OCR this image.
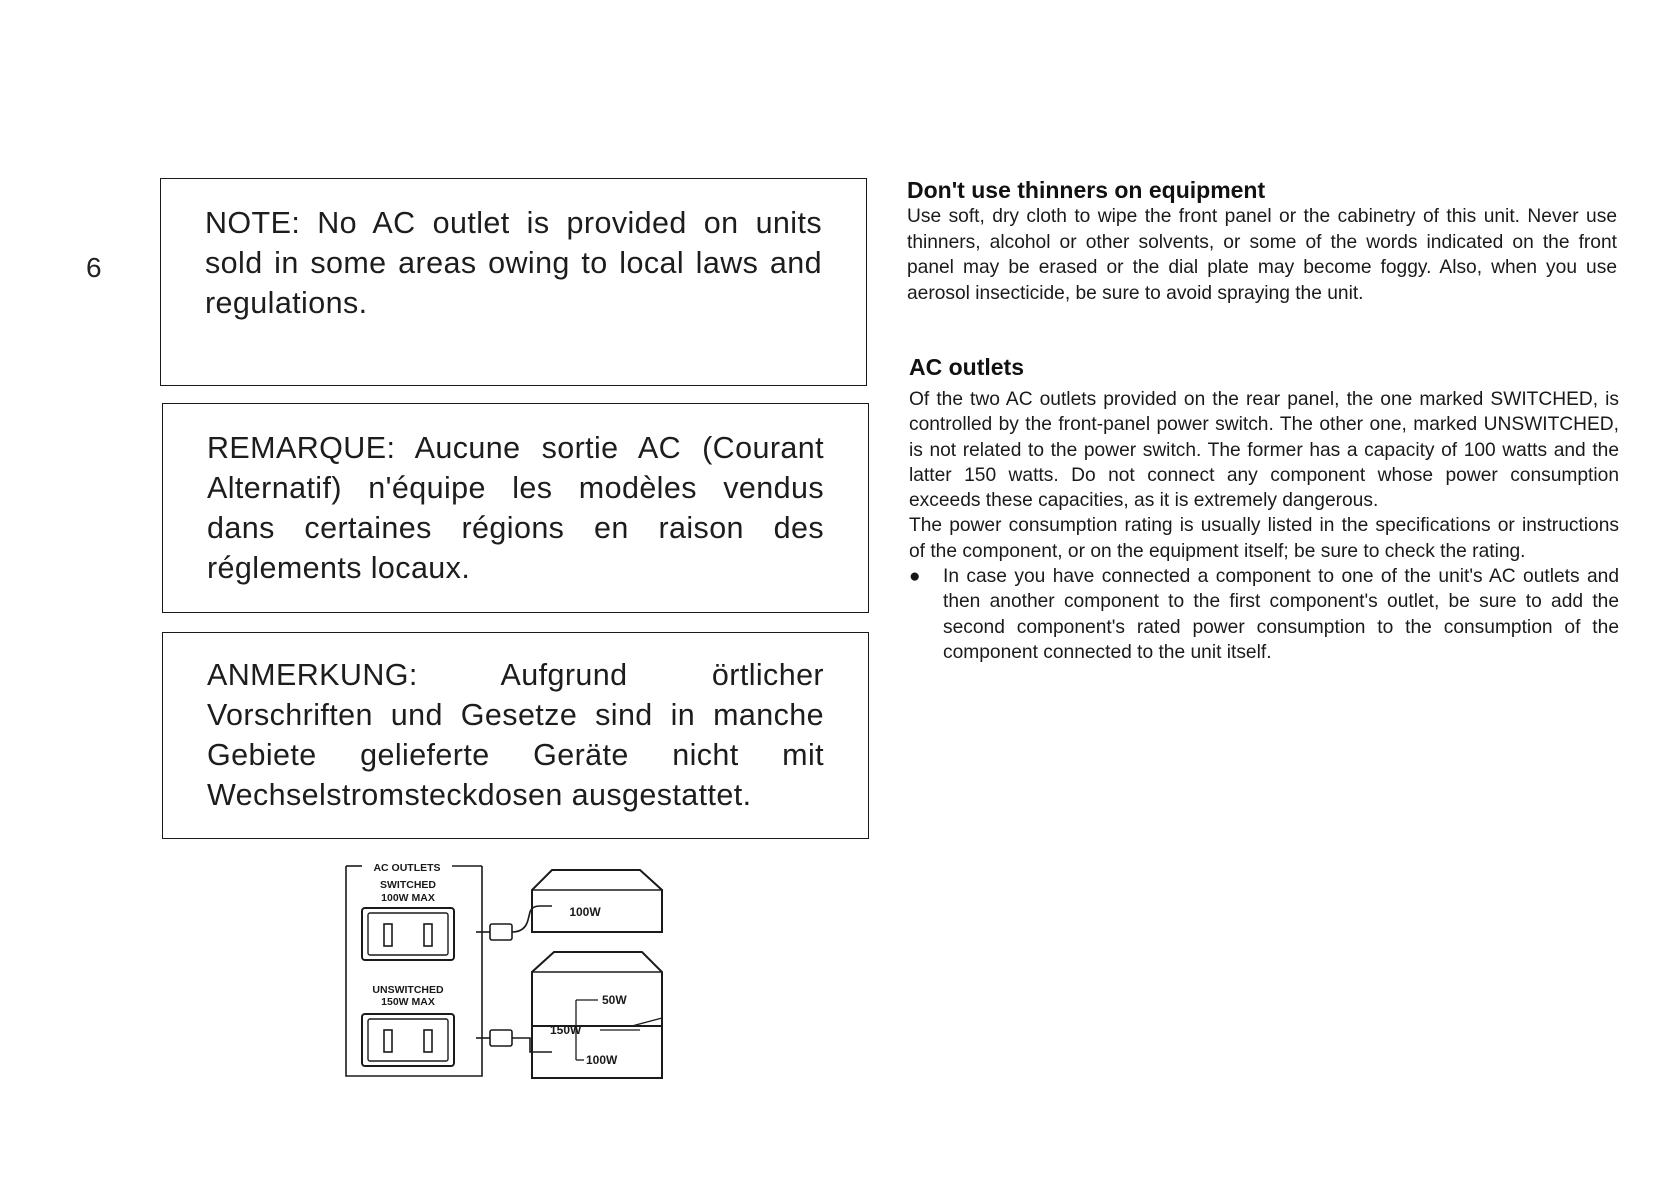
6
NOTE: No AC outlet is provided on units sold in some areas owing to local laws and regulations.
REMARQUE: Aucune sortie AC (Courant Alternatif) n'équipe les modèles vendus dans certaines régions en raison des réglements locaux.
ANMERKUNG: Aufgrund örtlicher Vorschriften und Gesetze sind in manche Gebiete gelieferte Geräte nicht mit Wechselstromsteckdosen ausgestattet.
Don't use thinners on equipment

Use soft, dry cloth to wipe the front panel or the cabinetry of this unit. Never use thinners, alcohol or other solvents, or some of the words indicated on the front panel may be erased or the dial plate may become foggy. Also, when you use aerosol insecticide, be sure to avoid spraying the unit.

AC outlets

Of the two AC outlets provided on the rear panel, the one marked SWITCHED, is controlled by the front-panel power switch. The other one, marked UNSWITCHED, is not related to the power switch. The former has a capacity of 100 watts and the latter 150 watts. Do not connect any component whose power consumption exceeds these capacities, as it is extremely dangerous.

The power consumption rating is usually listed in the specifications or instructions of the component, or on the equipment itself; be sure to check the rating.

●	In case you have connected a component to one of the unit's AC outlets and then another component to the first component's outlet, be sure to add the second component's rated power consumption to the consumption of the component connected to the unit itself.

AC OUTLETS
SWITCHED
100W MAX
UNSWITCHED
150W MAX
100W
50W
150W
100W
